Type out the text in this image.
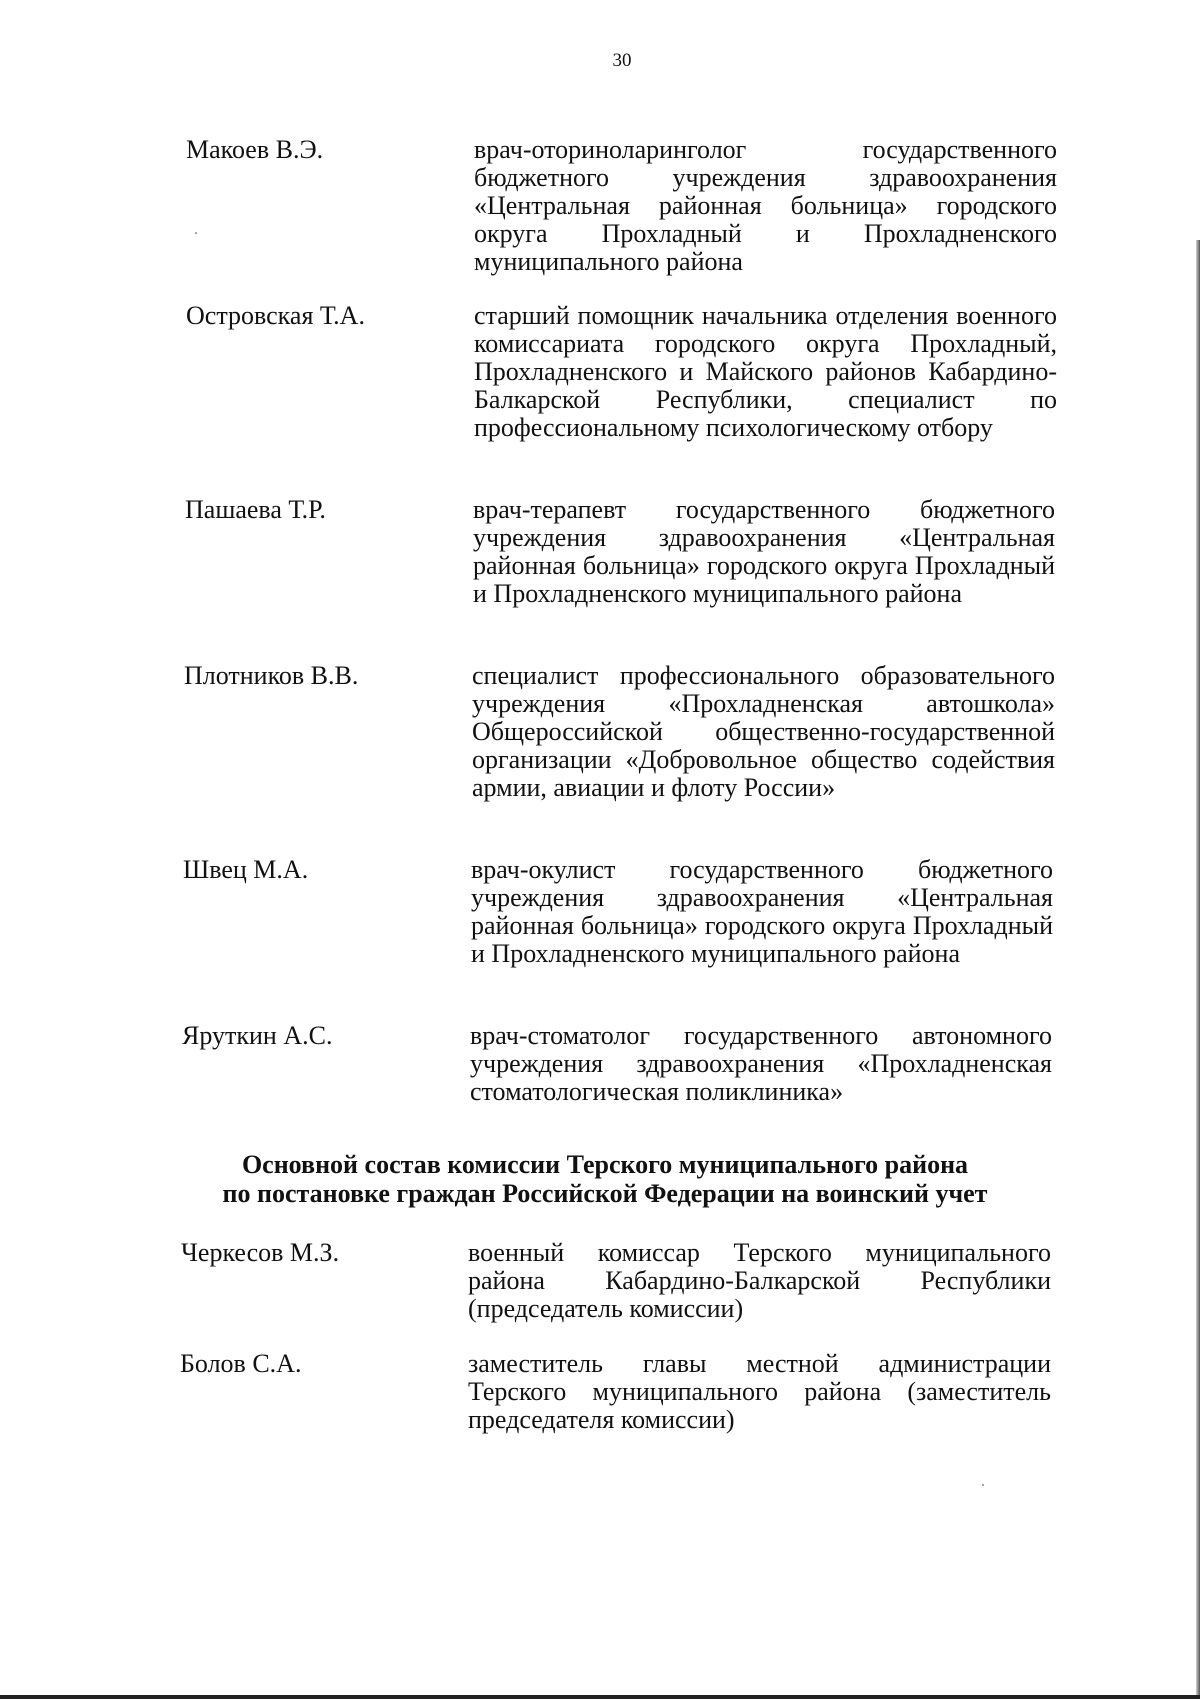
30
Макоев В.Э.	врач-оториноларинголог государственного бюджетного учреждения здравоохранения «Центральная районная больница» городского округа Прохладный и Прохладненского муниципального района
Островская Т.А.	старший помощник начальника отделения военного комиссариата городского округа Прохладный, Прохладненского и Майского районов Кабардино-Балкарской Республики, специалист по профессиональному психологическому отбору
Пашаева Т.Р.	врач-терапевт государственного бюджетного учреждения здравоохранения «Центральная районная больница» городского округа Прохладный и Прохладненского муниципального района
Плотников В.В.	специалист профессионального образовательного учреждения «Прохладненская автошкола» Общероссийской общественно-государственной организации «Добровольное общество содействия армии, авиации и флоту России»
Швец М.А.	врач-окулист государственного бюджетного учреждения здравоохранения «Центральная районная больница» городского округа Прохладный и Прохладненского муниципального района
Яруткин А.С.	врач-стоматолог государственного автономного учреждения здравоохранения «Прохладненская стоматологическая поликлиника»
Основной состав комиссии Терского муниципального района
по постановке граждан Российской Федерации на воинский учет
Черкесов М.З.	военный комиссар Терского муниципального района Кабардино-Балкарской Республики (председатель комиссии)
Болов С.А.	заместитель главы местной администрации Терского муниципального района (заместитель председателя комиссии)
